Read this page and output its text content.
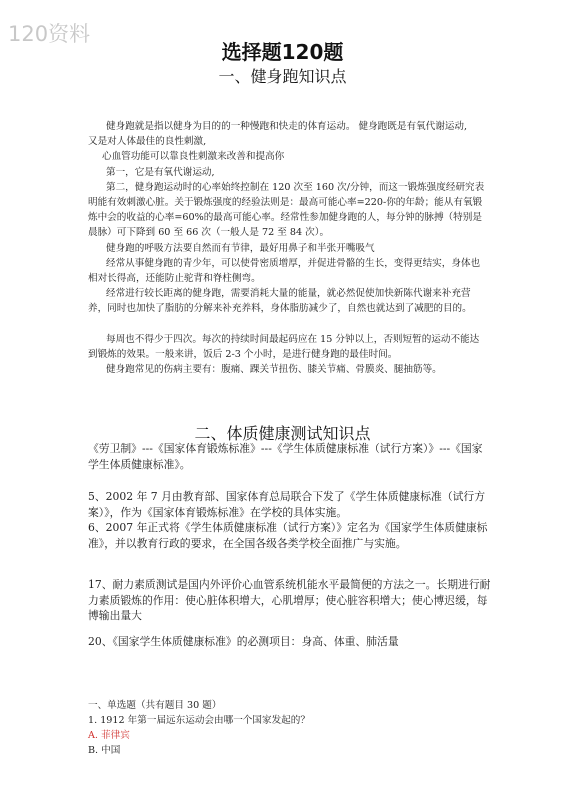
120资料
选择题120题
一、健身跑知识点

健身跑就是指以健身为目的的一种慢跑和快走的体育运动。 健身跑既是有氧代谢运动,

又是对人体最佳的良性刺激,

心血管功能可以靠良性刺激来改善和提高你

第一，它是有氧代谢运动,

第二，健身跑运动时的心率始终控制在 120 次至 160 次/分钟，而这一锻炼强度经研究表明能有效刺激心脏。关于锻炼强度的经验法则是：最高可能心率=220-你的年龄；能从有氧锻炼中会的收益的心率=60%的最高可能心率。经常性参加健身跑的人，每分钟的脉搏（特别是晨脉）可下降到 60 至 66 次（一般人是 72 至 84 次）。

健身跑的呼吸方法要自然而有节律，最好用鼻子和半张开嘴吸气

经常从事健身跑的青少年，可以使骨密质增厚，并促进骨骼的生长，变得更结实，身体也相对长得高，还能防止驼背和脊柱侧弯。

经常进行较长距离的健身跑，需要消耗大量的能量，就必然促使加快新陈代谢来补充营养，同时也加快了脂肪的分解来补充养料，身体脂肪减少了，自然也就达到了减肥的目的。

每周也不得少于四次。每次的持续时间最起码应在 15 分钟以上，否则短暂的运动不能达到锻炼的效果。一般来讲，饭后 2-3 个小时，是进行健身跑的最佳时间。

健身跑常见的伤病主要有：腹痛、踝关节扭伤、膝关节痛、骨膜炎、腿抽筋等。

二、体质健康测试知识点

《劳卫制》---《国家体育锻炼标准》---《学生体质健康标准（试行方案）》---《国家学生体质健康标准》。

5、2002 年 7 月由教育部、国家体育总局联合下发了《学生体质健康标准（试行方案）》，作为《国家体育锻炼标准》在学校的具体实施。

6、2007 年正式将《学生体质健康标准（试行方案）》定名为《国家学生体质健康标准》，并以教育行政的要求，在全国各级各类学校全面推广与实施。

17、耐力素质测试是国内外评价心血管系统机能水平最简便的方法之一。长期进行耐力素质锻炼的作用：使心脏体积增大，心肌增厚；使心脏容积增大；使心博迟缓，每博输出量大

20、《国家学生体质健康标准》的必测项目：身高、体重、肺活量

一、单选题（共有题目 30 题）

1. 1912 年第一届远东运动会由哪一个国家发起的？

A. 菲律宾

B. 中国
